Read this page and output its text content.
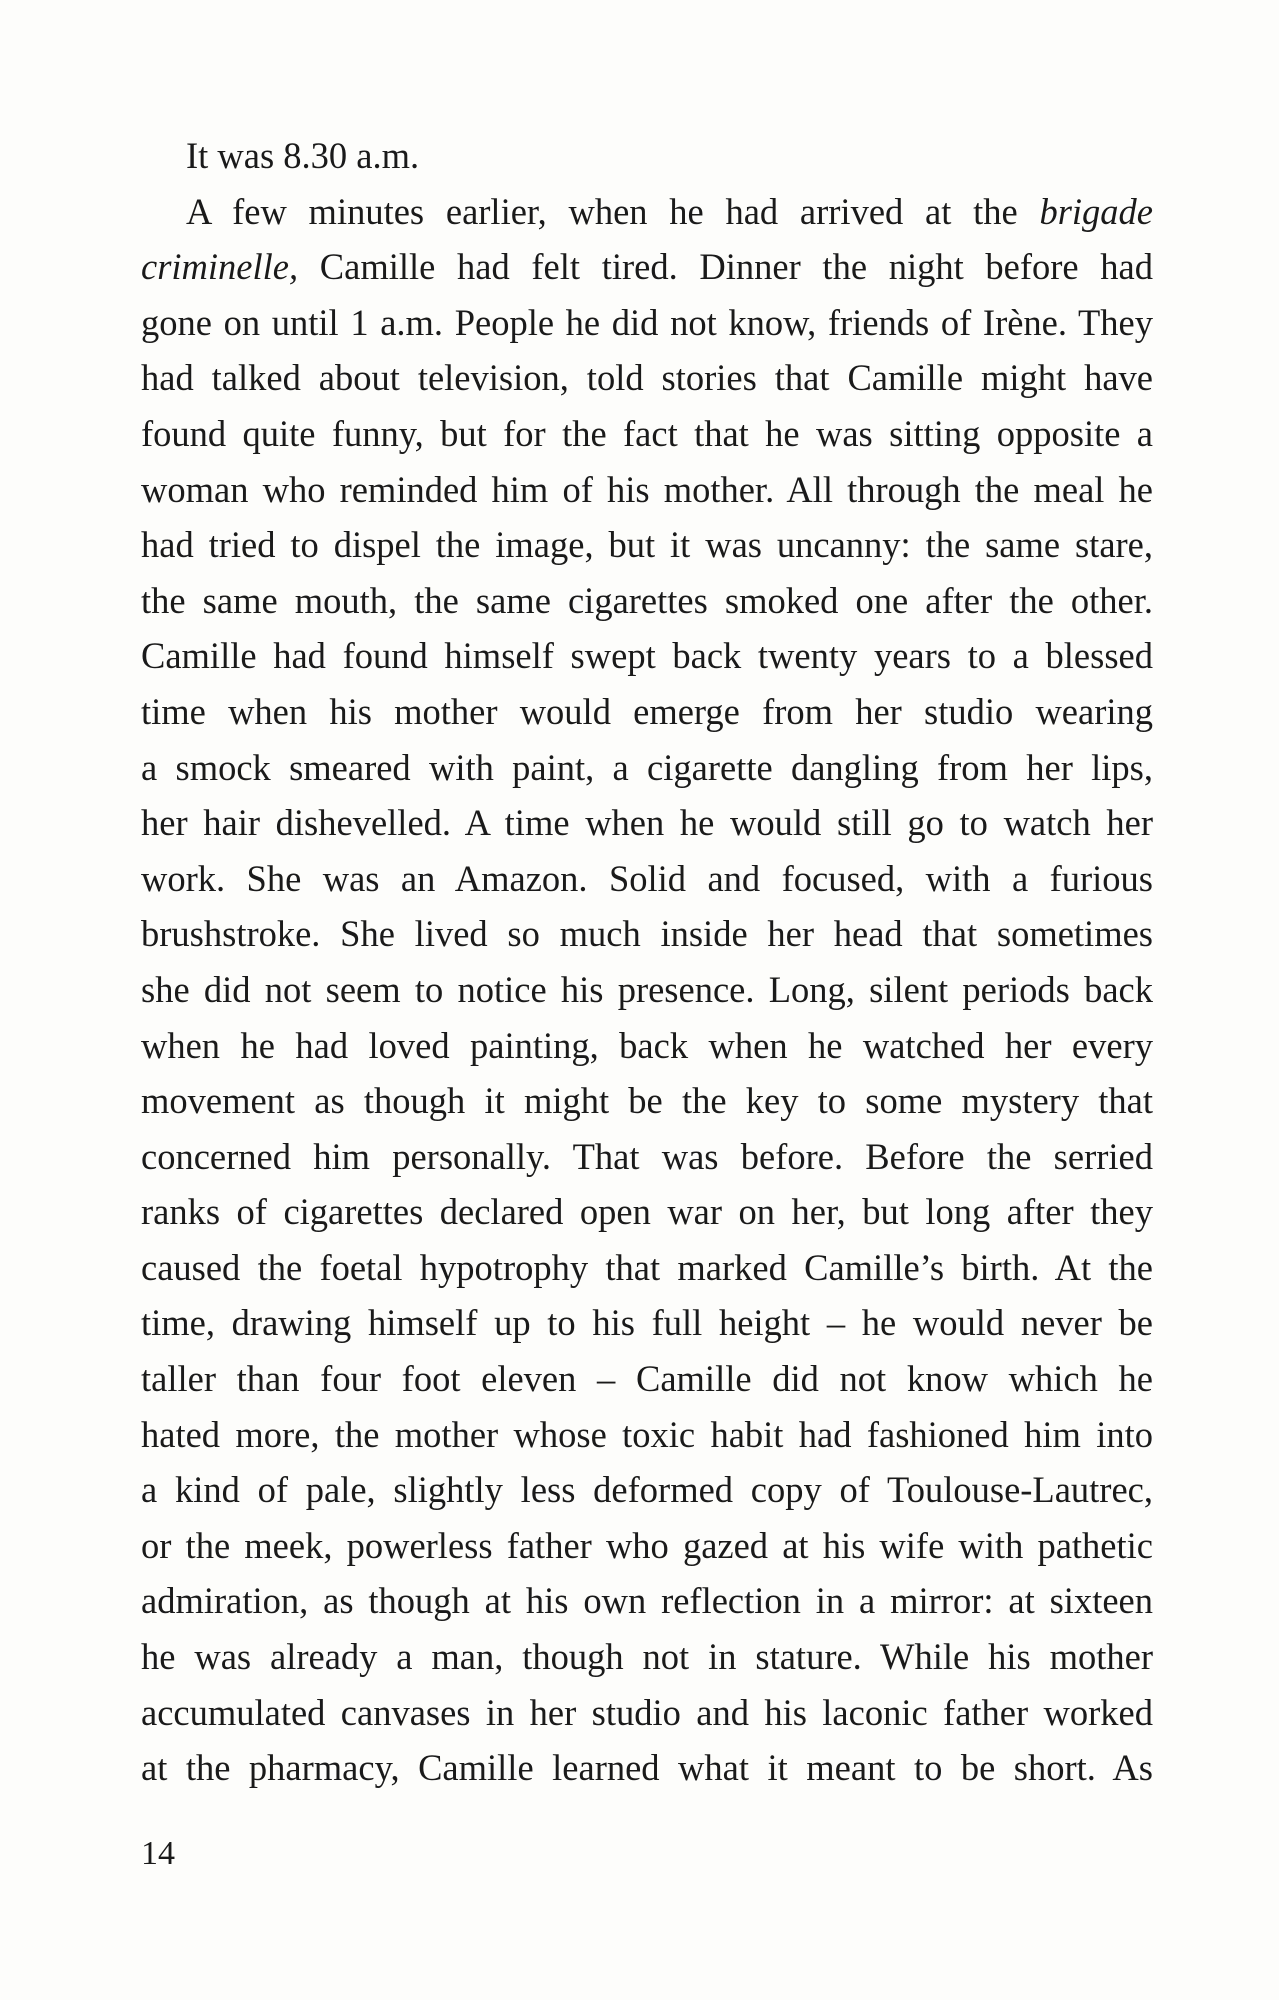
It was 8.30 a.m.
A few minutes earlier, when he had arrived at the brigade
criminelle, Camille had felt tired. Dinner the night before had
gone on until 1 a.m. People he did not know, friends of Irène. They
had talked about television, told stories that Camille might have
found quite funny, but for the fact that he was sitting opposite a
woman who reminded him of his mother. All through the meal he
had tried to dispel the image, but it was uncanny: the same stare,
the same mouth, the same cigarettes smoked one after the other.
Camille had found himself swept back twenty years to a blessed
time when his mother would emerge from her studio wearing
a smock smeared with paint, a cigarette dangling from her lips,
her hair dishevelled. A time when he would still go to watch her
work. She was an Amazon. Solid and focused, with a furious
brushstroke. She lived so much inside her head that sometimes
she did not seem to notice his presence. Long, silent periods back
when he had loved painting, back when he watched her every
movement as though it might be the key to some mystery that
concerned him personally. That was before. Before the serried
ranks of cigarettes declared open war on her, but long after they
caused the foetal hypotrophy that marked Camille’s birth. At the
time, drawing himself up to his full height – he would never be
taller than four foot eleven – Camille did not know which he
hated more, the mother whose toxic habit had fashioned him into
a kind of pale, slightly less deformed copy of Toulouse-Lautrec,
or the meek, powerless father who gazed at his wife with pathetic
admiration, as though at his own reflection in a mirror: at sixteen
he was already a man, though not in stature. While his mother
accumulated canvases in her studio and his laconic father worked
at the pharmacy, Camille learned what it meant to be short. As
14
